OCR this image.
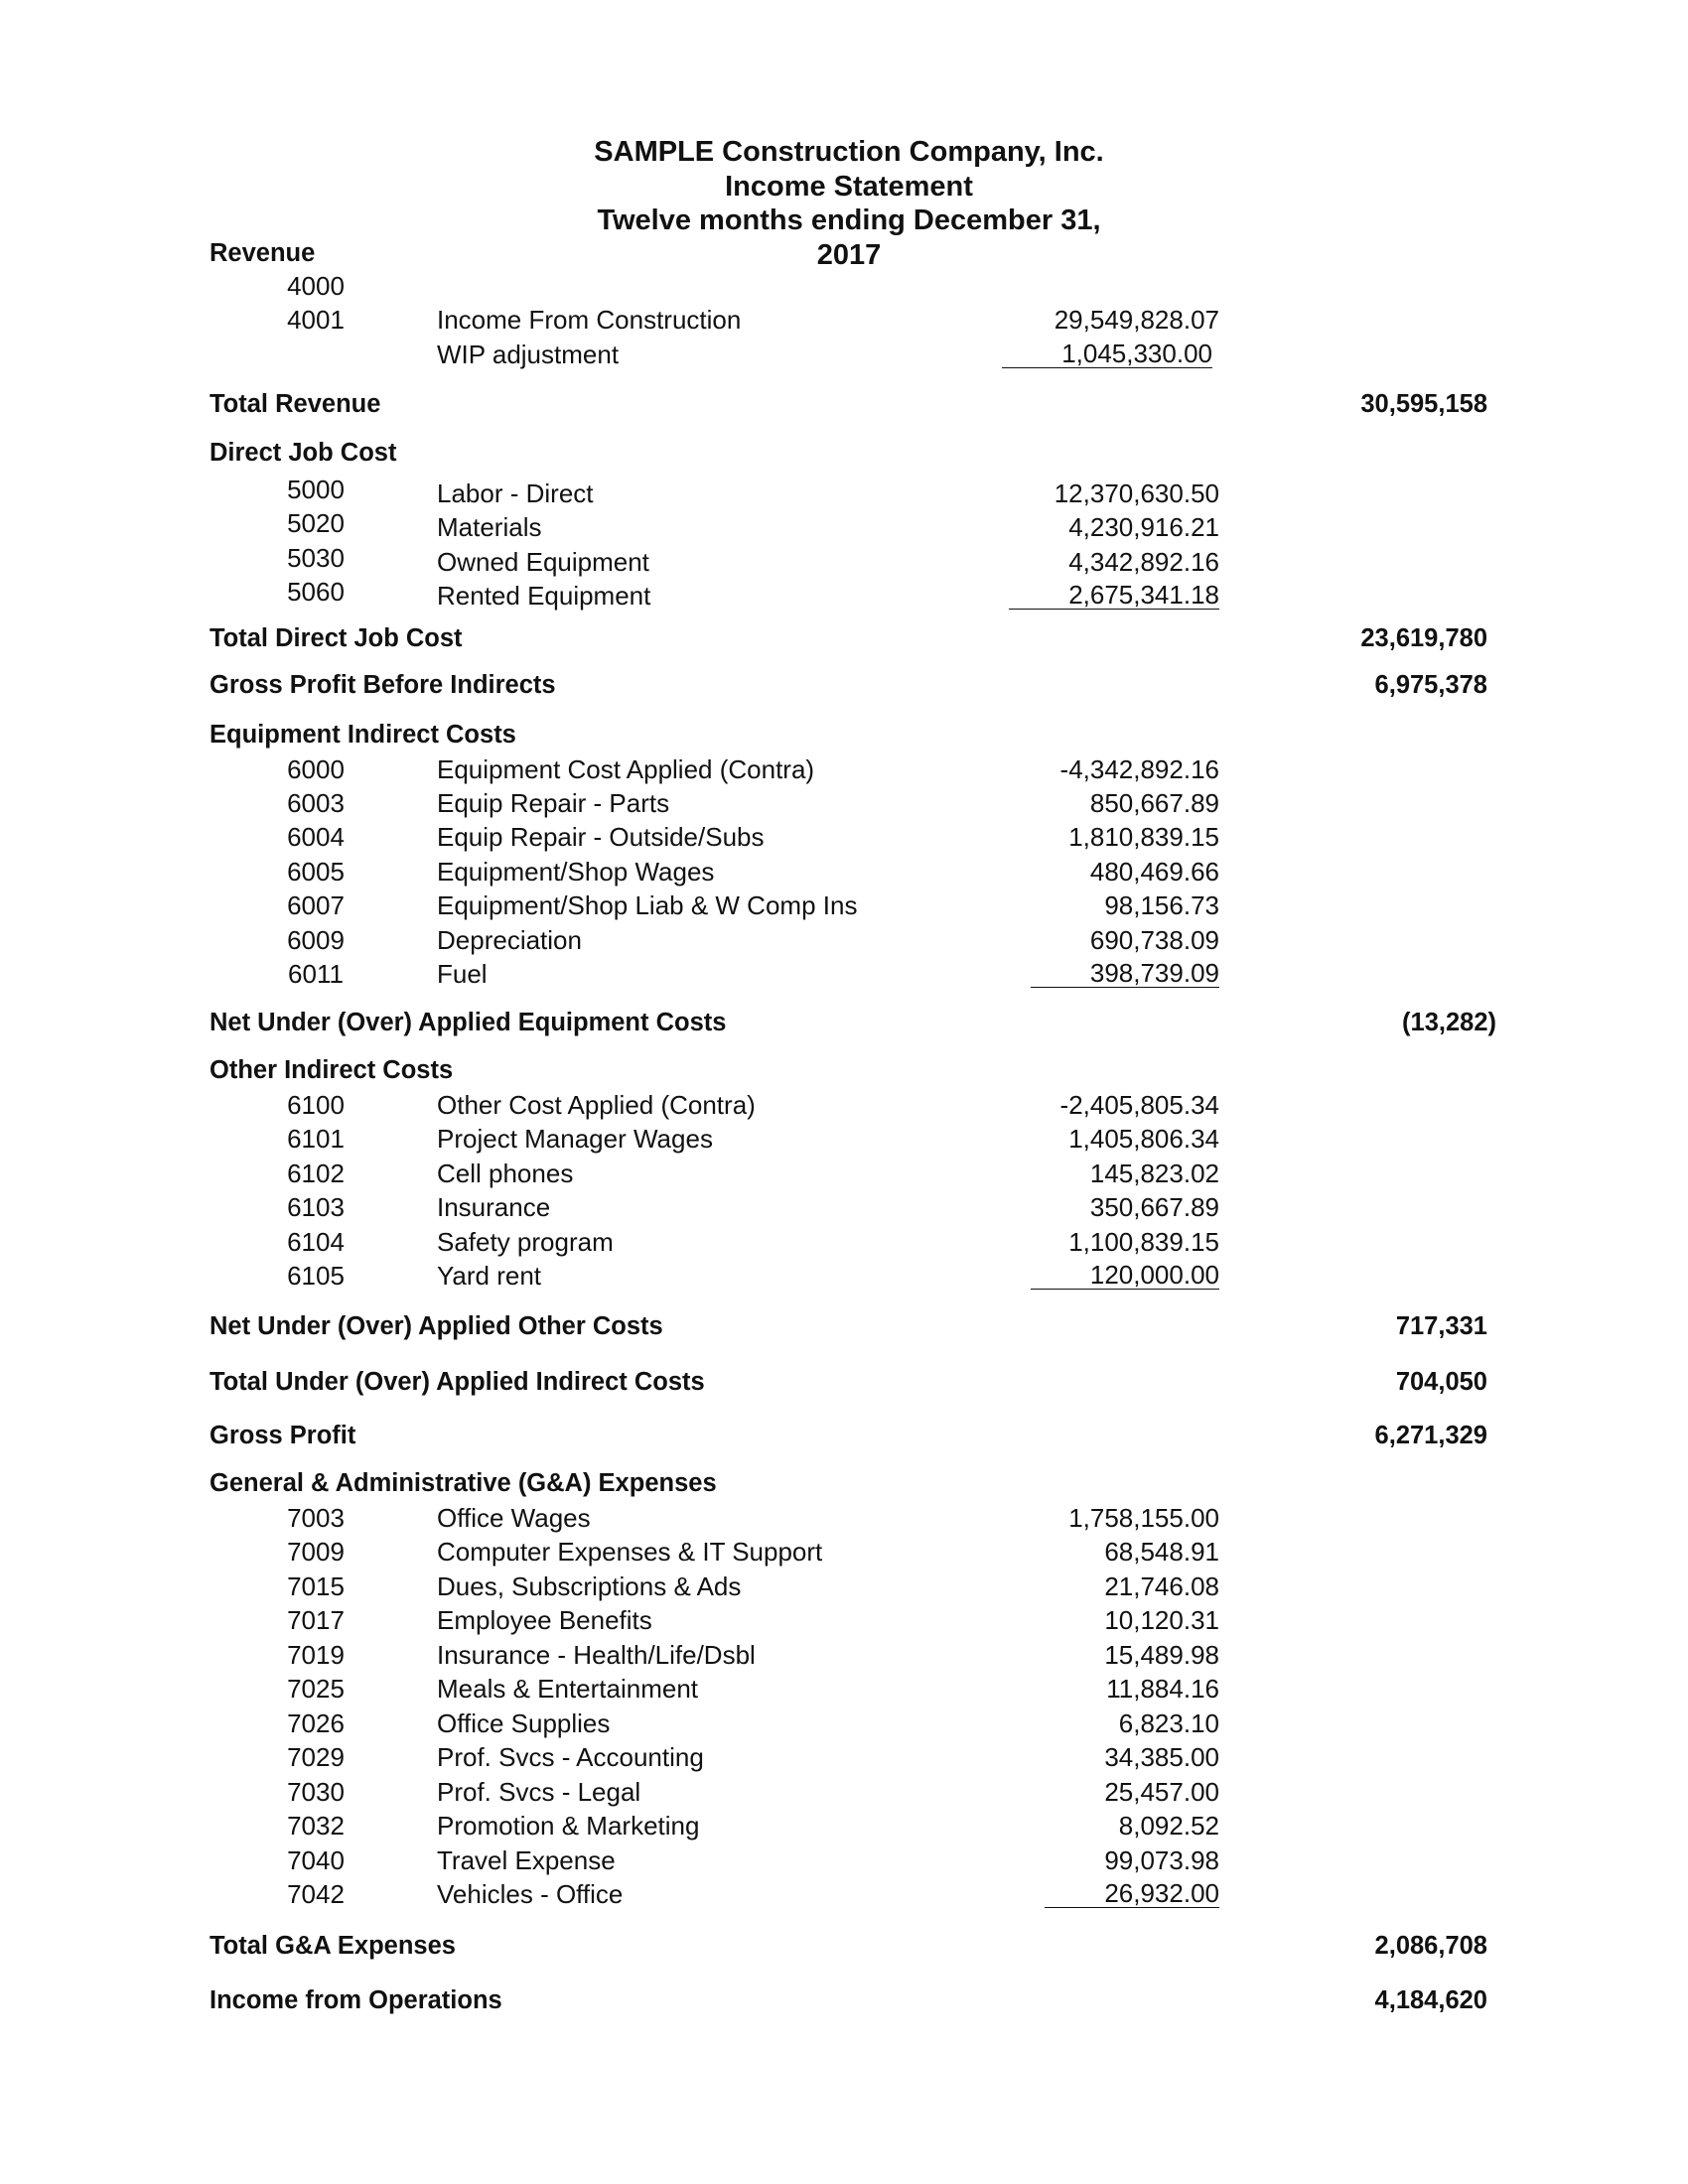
SAMPLE Construction Company, Inc.
Income Statement
Twelve months ending December 31,
2017
Revenue
4000
4001	Income From Construction	29,549,828.07
WIP adjustment	1,045,330.00
Total Revenue	30,595,158
Direct Job Cost
5000	Labor - Direct	12,370,630.50
5020	Materials	4,230,916.21
5030	Owned Equipment	4,342,892.16
5060	Rented Equipment	2,675,341.18
Total Direct Job Cost	23,619,780
Gross Profit Before Indirects	6,975,378
Equipment Indirect Costs
6000	Equipment Cost Applied (Contra)	-4,342,892.16
6003	Equip Repair - Parts	850,667.89
6004	Equip Repair - Outside/Subs	1,810,839.15
6005	Equipment/Shop Wages	480,469.66
6007	Equipment/Shop Liab & W Comp Ins	98,156.73
6009	Depreciation	690,738.09
6011	Fuel	398,739.09
Net Under (Over) Applied Equipment Costs	(13,282)
Other Indirect Costs
6100	Other Cost Applied (Contra)	-2,405,805.34
6101	Project Manager Wages	1,405,806.34
6102	Cell phones	145,823.02
6103	Insurance	350,667.89
6104	Safety program	1,100,839.15
6105	Yard rent	120,000.00
Net Under (Over) Applied Other Costs	717,331
Total Under (Over) Applied Indirect Costs	704,050
Gross Profit	6,271,329
General & Administrative (G&A) Expenses
7003	Office Wages	1,758,155.00
7009	Computer Expenses & IT Support	68,548.91
7015	Dues, Subscriptions & Ads	21,746.08
7017	Employee Benefits	10,120.31
7019	Insurance - Health/Life/Dsbl	15,489.98
7025	Meals & Entertainment	11,884.16
7026	Office Supplies	6,823.10
7029	Prof. Svcs - Accounting	34,385.00
7030	Prof. Svcs - Legal	25,457.00
7032	Promotion & Marketing	8,092.52
7040	Travel Expense	99,073.98
7042	Vehicles - Office	26,932.00
Total G&A Expenses	2,086,708
Income from Operations	4,184,620
